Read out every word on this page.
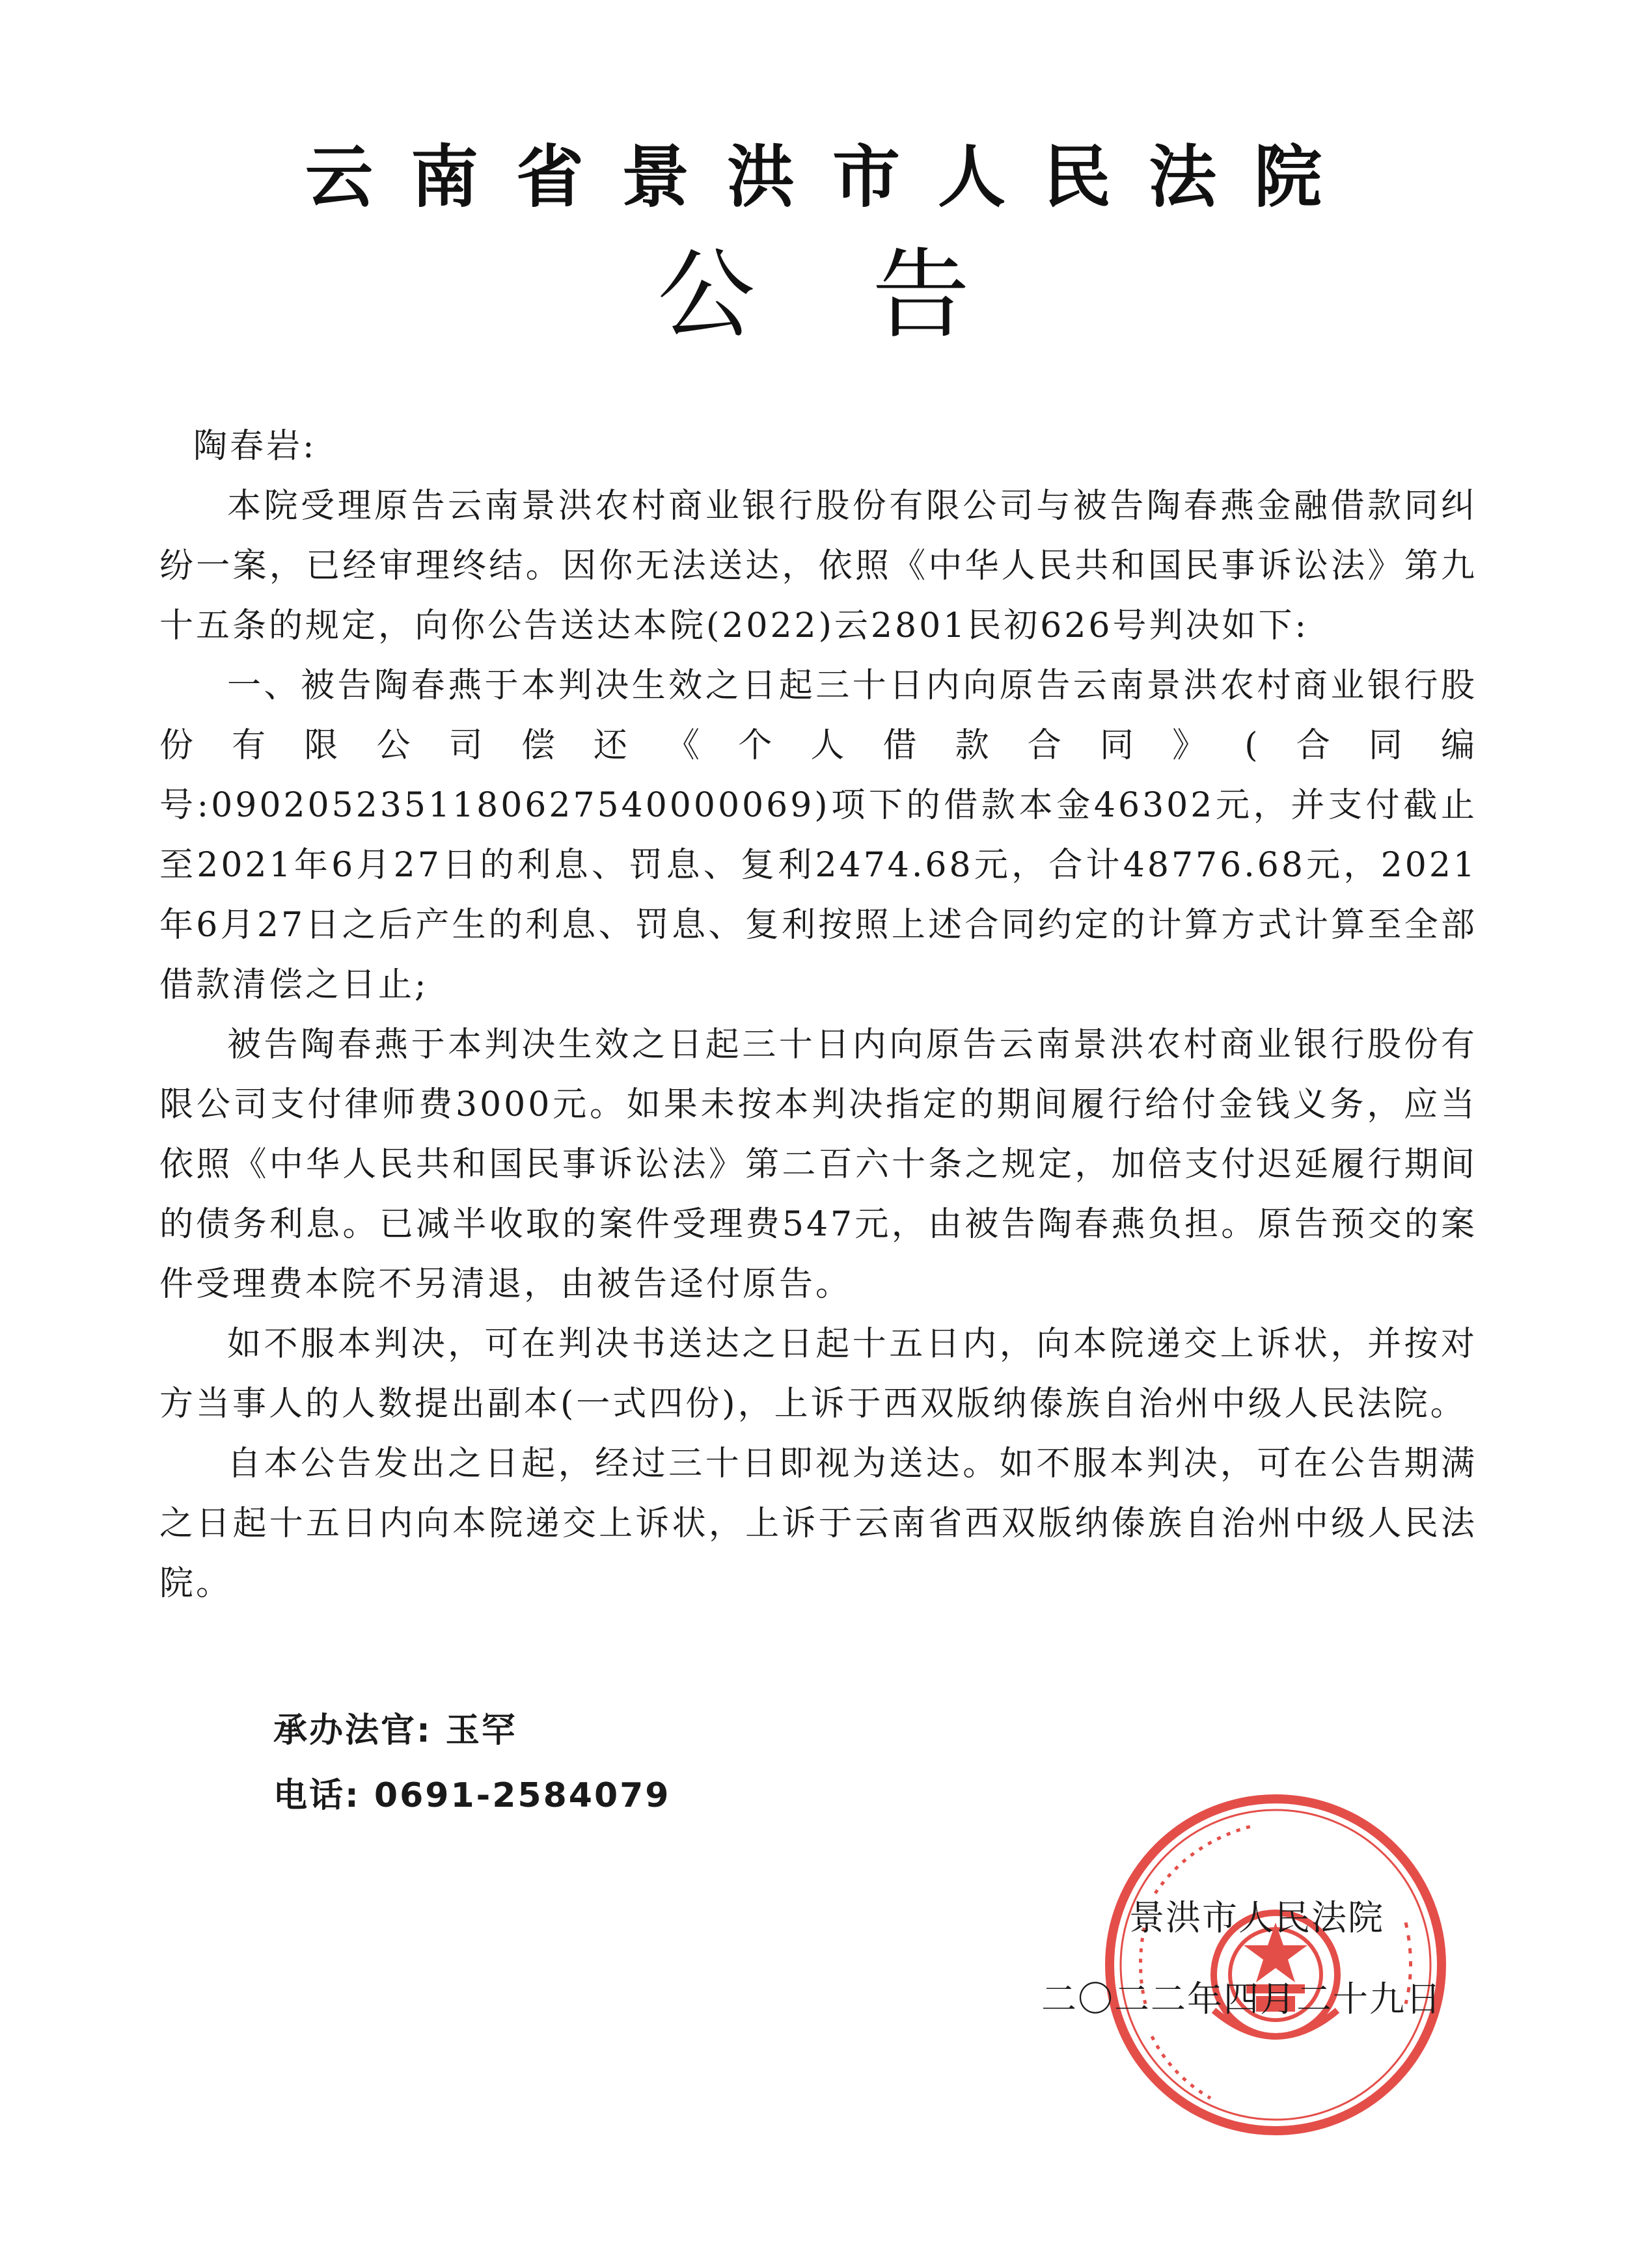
云南省景洪市人民法院
公告

陶春岩:

本院受理原告云南景洪农村商业银行股份有限公司与被告陶春燕金融借款同纠纷一案，已经审理终结。因你无法送达，依照《中华人民共和国民事诉讼法》第九十五条的规定，向你公告送达本院(2022)云2801民初626号判决如下:

一、被告陶春燕于本判决生效之日起三十日内向原告云南景洪农村商业银行股份有限公司偿还《个人借款合同》(合同编号:0902052351180627540000069)项下的借款本金46302元，并支付截止至2021年6月27日的利息、罚息、复利2474.68元，合计48776.68元，2021年6月27日之后产生的利息、罚息、复利按照上述合同约定的计算方式计算至全部借款清偿之日止;

被告陶春燕于本判决生效之日起三十日内向原告云南景洪农村商业银行股份有限公司支付律师费3000元。如果未按本判决指定的期间履行给付金钱义务，应当依照《中华人民共和国民事诉讼法》第二百六十条之规定，加倍支付迟延履行期间的债务利息。已减半收取的案件受理费547元，由被告陶春燕负担。原告预交的案件受理费本院不另清退，由被告迳付原告。

如不服本判决，可在判决书送达之日起十五日内，向本院递交上诉状，并按对方当事人的人数提出副本(一式四份)，上诉于西双版纳傣族自治州中级人民法院。

自本公告发出之日起，经过三十日即视为送达。如不服本判决，可在公告期满之日起十五日内向本院递交上诉状，上诉于云南省西双版纳傣族自治州中级人民法院。

承办法官: 玉罕
电话: 0691-2584079
景洪市人民法院
二〇二二年四月二十九日
